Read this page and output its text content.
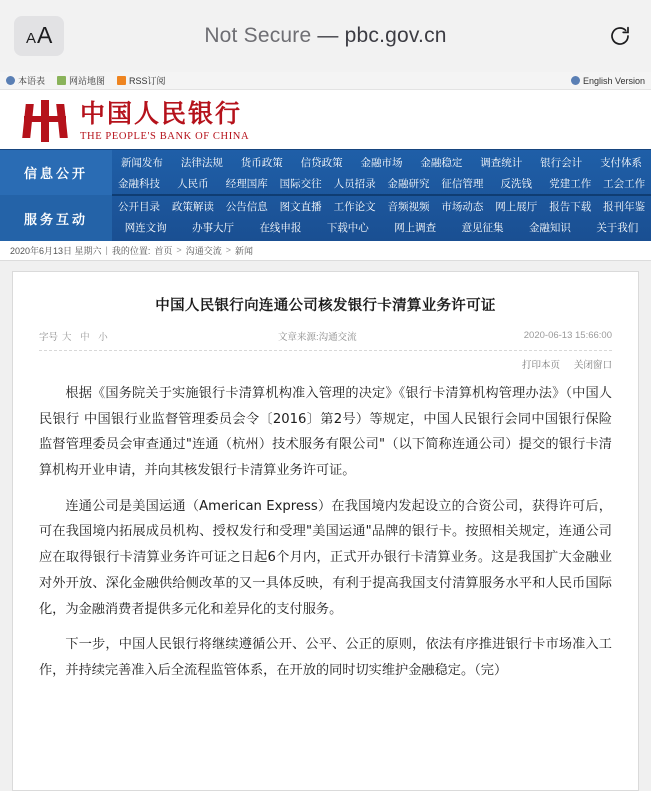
A A	Not Secure — pbc.gov.cn
本语表	网站地图	RSS订阅	English Version
中国人民银行
THE PEOPLE'S BANK OF CHINA
信息公开
服务互动
新闻发布	法律法规	货币政策	信贷政策	金融市场	金融稳定	调查统计	银行会计	支付体系
金融科技	人民币	经理国库	国际交往	人员招录	金融研究	征信管理	反洗钱	党建工作	工会工作
公开目录	政策解读	公告信息	图文直播	工作论文	音频视频	市场动态	网上展厅	报告下载	报刊年鉴
网连文询	办事大厅	在线申报	下载中心	网上调查	意见征集	金融知识	关于我们
2020年6月13日 星期六 | 我的位置: 首页 > 沟通交流 > 新闻
中国人民银行向连通公司核发银行卡清算业务许可证
字号 大 中 小	文章来源:沟通交流	2020-06-13 15:66:00
打印本页 关闭窗口

根据《国务院关于实施银行卡清算机构准入管理的决定》《银行卡清算机构管理办法》（中国人民银行 中国银行业监督管理委员会令〔2016〕第2号）等规定，中国人民银行会同中国银行保险监督管理委员会审查通过"连通（杭州）技术服务有限公司"（以下简称连通公司）提交的银行卡清算机构开业申请，并向其核发银行卡清算业务许可证。

连通公司是美国运通（American Express）在我国境内发起设立的合资公司，获得许可后，可在我国境内拓展成员机构、授权发行和受理"美国运通"品牌的银行卡。按照相关规定，连通公司应在取得银行卡清算业务许可证之日起6个月内，正式开办银行卡清算业务。这是我国扩大金融业对外开放、深化金融供给侧改革的又一具体反映，有利于提高我国支付清算服务水平和人民币国际化，为金融消费者提供多元化和差异化的支付服务。

下一步，中国人民银行将继续遵循公开、公平、公正的原则，依法有序推进银行卡市场准入工作，并持续完善准入后全流程监管体系，在开放的同时切实维护金融稳定。（完）
